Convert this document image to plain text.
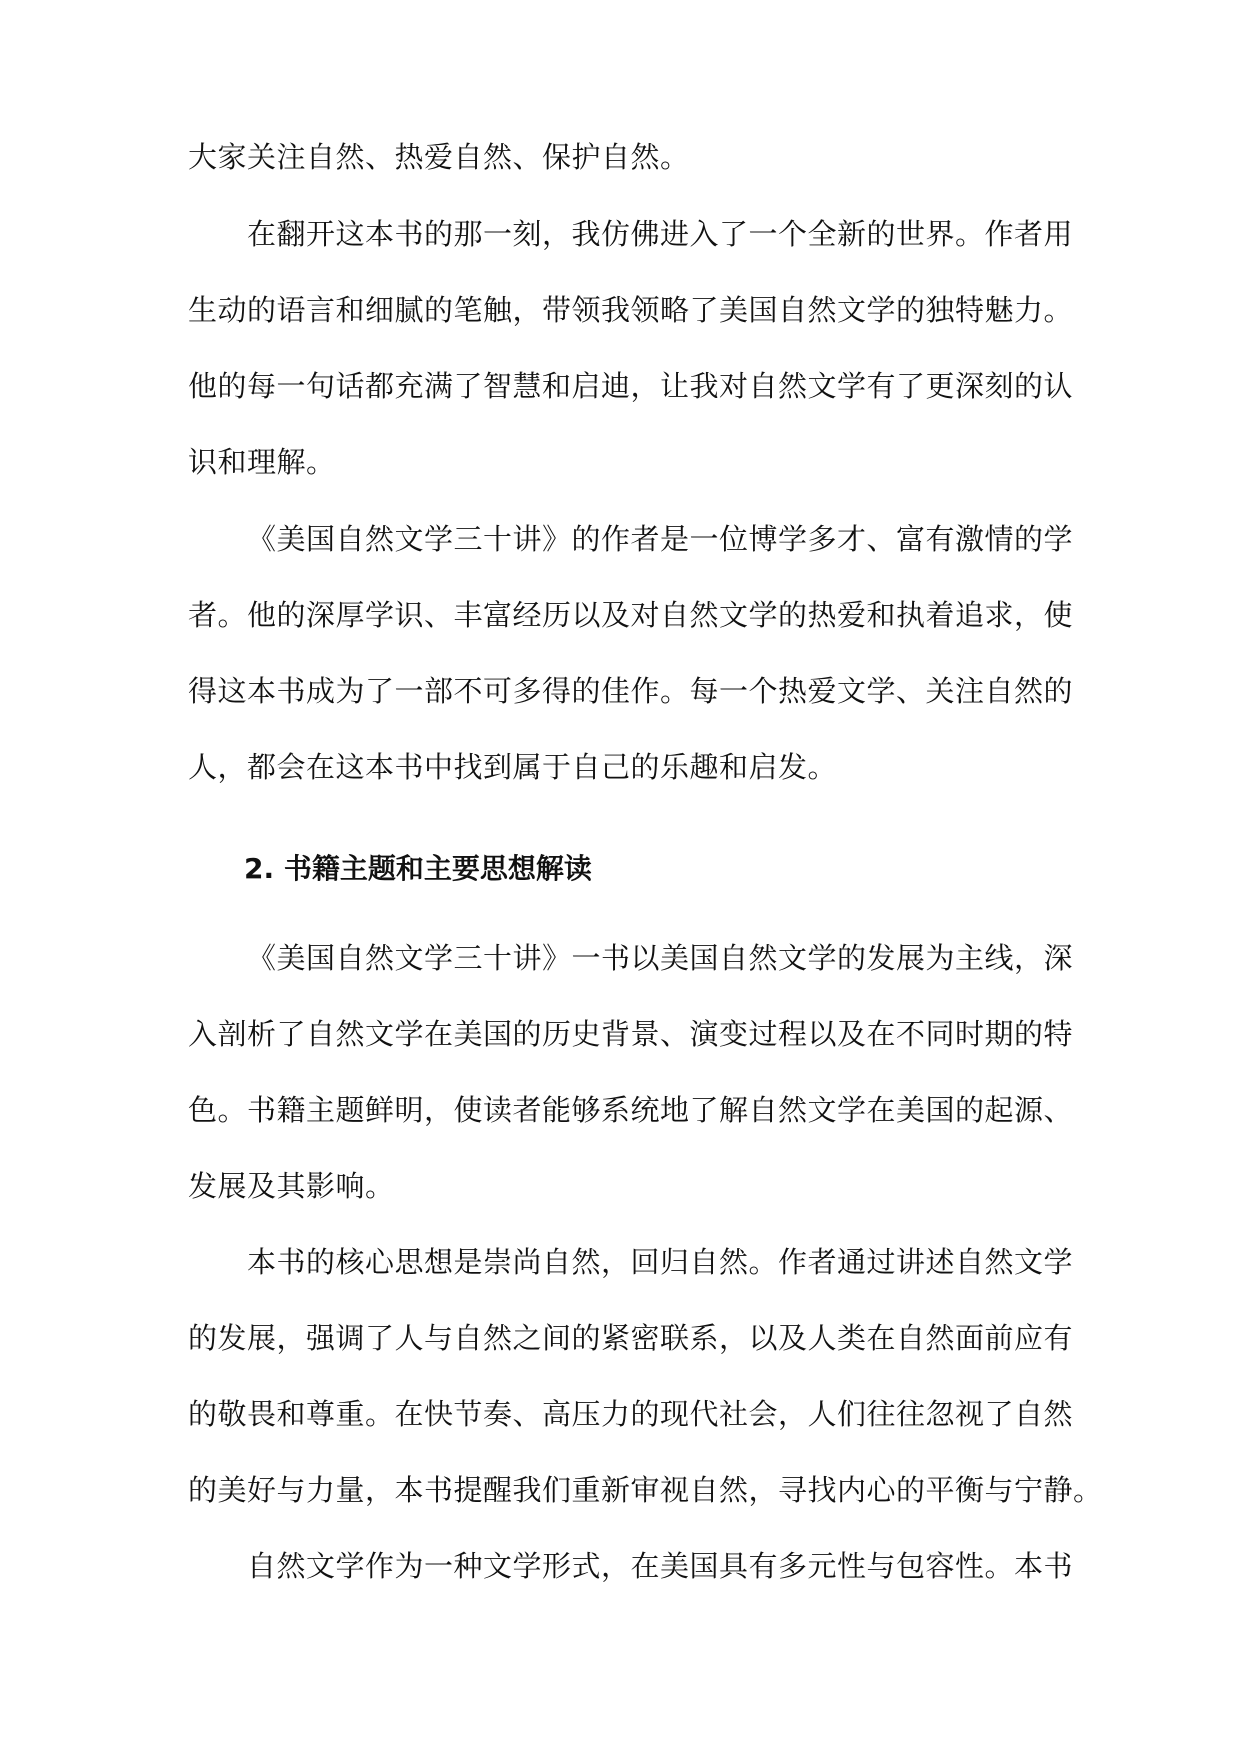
大家关注自然、热爱自然、保护自然。
在翻开这本书的那一刻，我仿佛进入了一个全新的世界。作者用
生动的语言和细腻的笔触，带领我领略了美国自然文学的独特魅力。
他的每一句话都充满了智慧和启迪，让我对自然文学有了更深刻的认
识和理解。
《美国自然文学三十讲》的作者是一位博学多才、富有激情的学
者。他的深厚学识、丰富经历以及对自然文学的热爱和执着追求，使
得这本书成为了一部不可多得的佳作。每一个热爱文学、关注自然的
人，都会在这本书中找到属于自己的乐趣和启发。
2. 书籍主题和主要思想解读
《美国自然文学三十讲》一书以美国自然文学的发展为主线，深
入剖析了自然文学在美国的历史背景、演变过程以及在不同时期的特
色。书籍主题鲜明，使读者能够系统地了解自然文学在美国的起源、
发展及其影响。
本书的核心思想是崇尚自然，回归自然。作者通过讲述自然文学
的发展，强调了人与自然之间的紧密联系，以及人类在自然面前应有
的敬畏和尊重。在快节奏、高压力的现代社会，人们往往忽视了自然
的美好与力量，本书提醒我们重新审视自然，寻找内心的平衡与宁静。
自然文学作为一种文学形式，在美国具有多元性与包容性。本书
